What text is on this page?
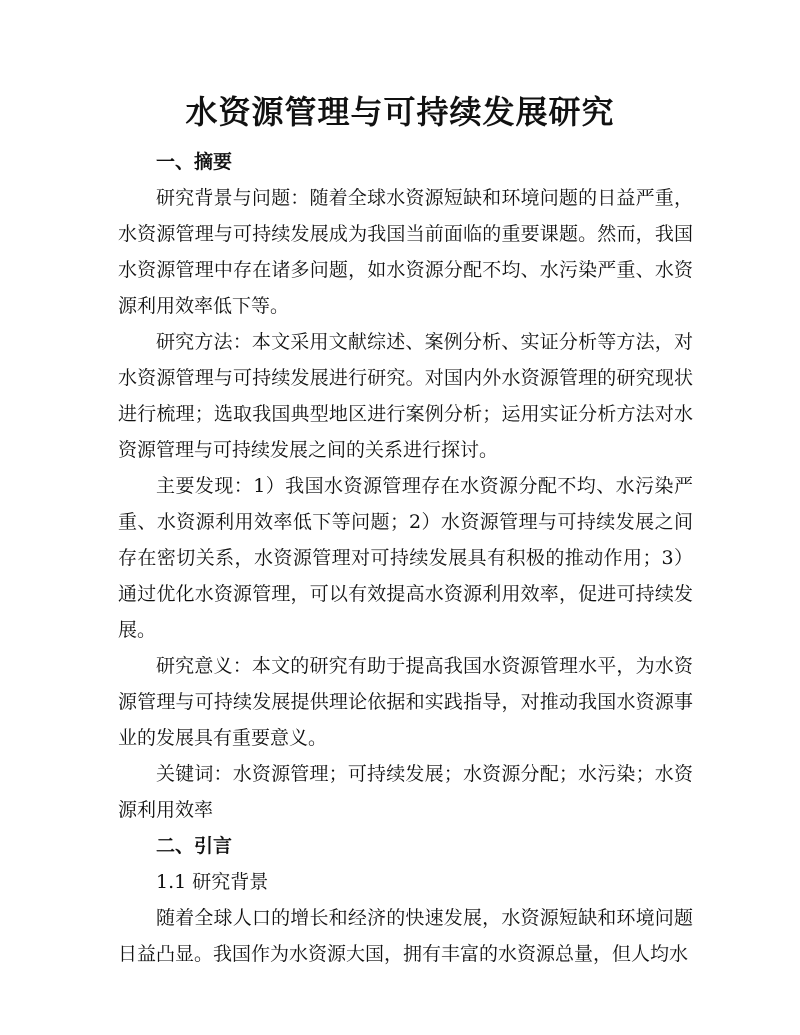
水资源管理与可持续发展研究
一、摘要

研究背景与问题：随着全球水资源短缺和环境问题的日益严重，水资源管理与可持续发展成为我国当前面临的重要课题。然而，我国水资源管理中存在诸多问题，如水资源分配不均、水污染严重、水资源利用效率低下等。

研究方法：本文采用文献综述、案例分析、实证分析等方法，对水资源管理与可持续发展进行研究。对国内外水资源管理的研究现状进行梳理；选取我国典型地区进行案例分析；运用实证分析方法对水资源管理与可持续发展之间的关系进行探讨。

主要发现：1）我国水资源管理存在水资源分配不均、水污染严重、水资源利用效率低下等问题；2）水资源管理与可持续发展之间存在密切关系，水资源管理对可持续发展具有积极的推动作用；3）通过优化水资源管理，可以有效提高水资源利用效率，促进可持续发展。

研究意义：本文的研究有助于提高我国水资源管理水平，为水资源管理与可持续发展提供理论依据和实践指导，对推动我国水资源事业的发展具有重要意义。

关键词：水资源管理；可持续发展；水资源分配；水污染；水资源利用效率

二、引言
1.1 研究背景

随着全球人口的增长和经济的快速发展，水资源短缺和环境问题日益凸显。我国作为水资源大国，拥有丰富的水资源总量，但人均水
